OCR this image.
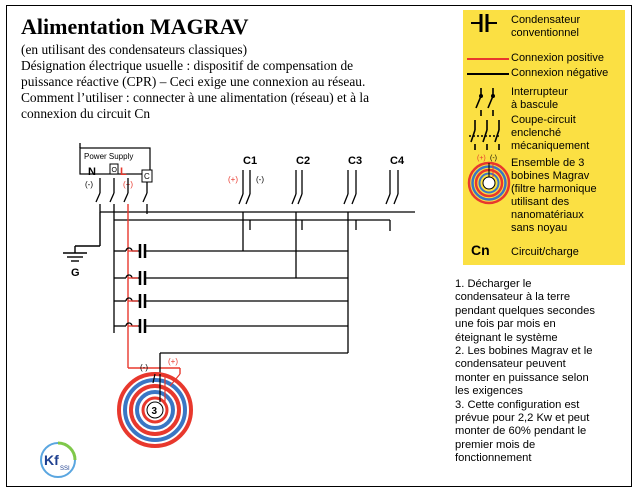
Alimentation MAGRAV
(en utilisant des condensateurs classiques)
Désignation électrique usuelle : dispositif de compensation de
puissance réactive (CPR) – Ceci exige une connexion au réseau.
Comment l’utiliser : connecter à une alimentation (réseau) et à la
connexion du circuit Cn
(+) (-)
Condensateur
conventionnel
Connexion positive
Connexion négative
Interrupteur
à bascule
Coupe-circuit
enclenché
mécaniquement
Ensemble de 3
bobines Magrav
(filtre harmonique
utilisant des
nanomatériaux
sans noyau
Cn Circuit/charge
1. Décharger le
condensateur à la terre
pendant quelques secondes
une fois par mois en
éteignant le système
2. Les bobines Magrav et le
condensateur peuvent
monter en puissance selon
les exigences
3. Cette configuration est
prévue pour 2,2 Kw et peut
monter de 60% pendant le
premier mois de
fonctionnement
Power Supply
O
C
N L
(-)	(+)
G
C1	C2	C3	C4
(+) (-)
(-)
(+)
3
Kf
SSI
